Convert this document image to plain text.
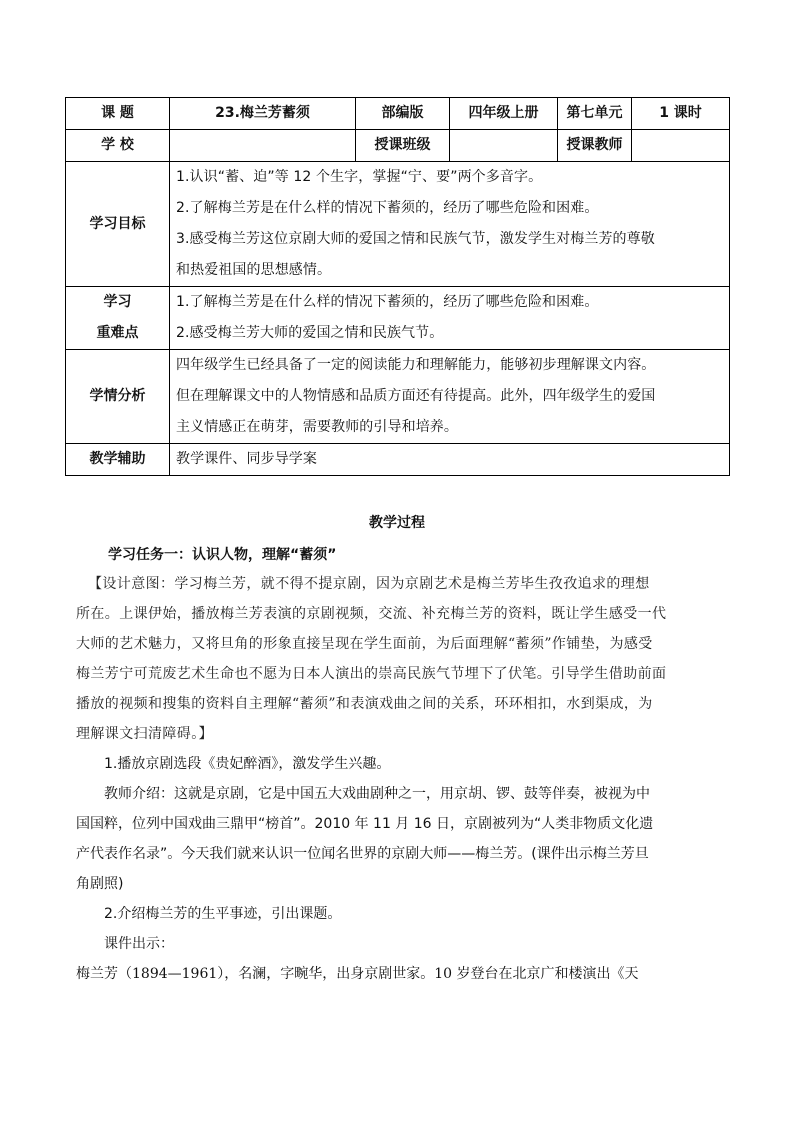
课 题	23.梅兰芳蓄须	部编版	四年级上册	第七单元	1 课时
学 校		授课班级		授课教师	
学习目标	1.认识“蓄、迫”等 12 个生字，掌握“宁、要”两个多音字。
2.了解梅兰芳是在什么样的情况下蓄须的，经历了哪些危险和困难。
3.感受梅兰芳这位京剧大师的爱国之情和民族气节，激发学生对梅兰芳的尊敬
和热爱祖国的思想感情。				

学习
重难点	1.了解梅兰芳是在什么样的情况下蓄须的，经历了哪些危险和困难。
2.感受梅兰芳大师的爱国之情和民族气节。				

学情分析	四年级学生已经具备了一定的阅读能力和理解能力，能够初步理解课文内容。
但在理解课文中的人物情感和品质方面还有待提高。此外，四年级学生的爱国
主义情感正在萌芽，需要教师的引导和培养。				

教学辅助	教学课件、同步导学案				
教学过程
学习任务一：认识人物，理解“蓄须”
【设计意图：学习梅兰芳，就不得不提京剧，因为京剧艺术是梅兰芳毕生孜孜追求的理想
所在。上课伊始，播放梅兰芳表演的京剧视频，交流、补充梅兰芳的资料，既让学生感受一代
大师的艺术魅力，又将旦角的形象直接呈现在学生面前，为后面理解“蓄须”作铺垫，为感受
梅兰芳宁可荒废艺术生命也不愿为日本人演出的崇高民族气节埋下了伏笔。引导学生借助前面
播放的视频和搜集的资料自主理解“蓄须”和表演戏曲之间的关系，环环相扣，水到渠成，为
理解课文扫清障碍。】
1.播放京剧选段《贵妃醉酒》，激发学生兴趣。
教师介绍：这就是京剧，它是中国五大戏曲剧种之一，用京胡、锣、鼓等伴奏，被视为中
国国粹，位列中国戏曲三鼎甲“榜首”。2010 年 11 月 16 日，京剧被列为“人类非物质文化遗
产代表作名录”。今天我们就来认识一位闻名世界的京剧大师——梅兰芳。(课件出示梅兰芳旦
角剧照)
2.介绍梅兰芳的生平事迹，引出课题。
课件出示：
梅兰芳（1894—1961），名澜，字畹华，出身京剧世家。10 岁登台在北京广和楼演出《天
